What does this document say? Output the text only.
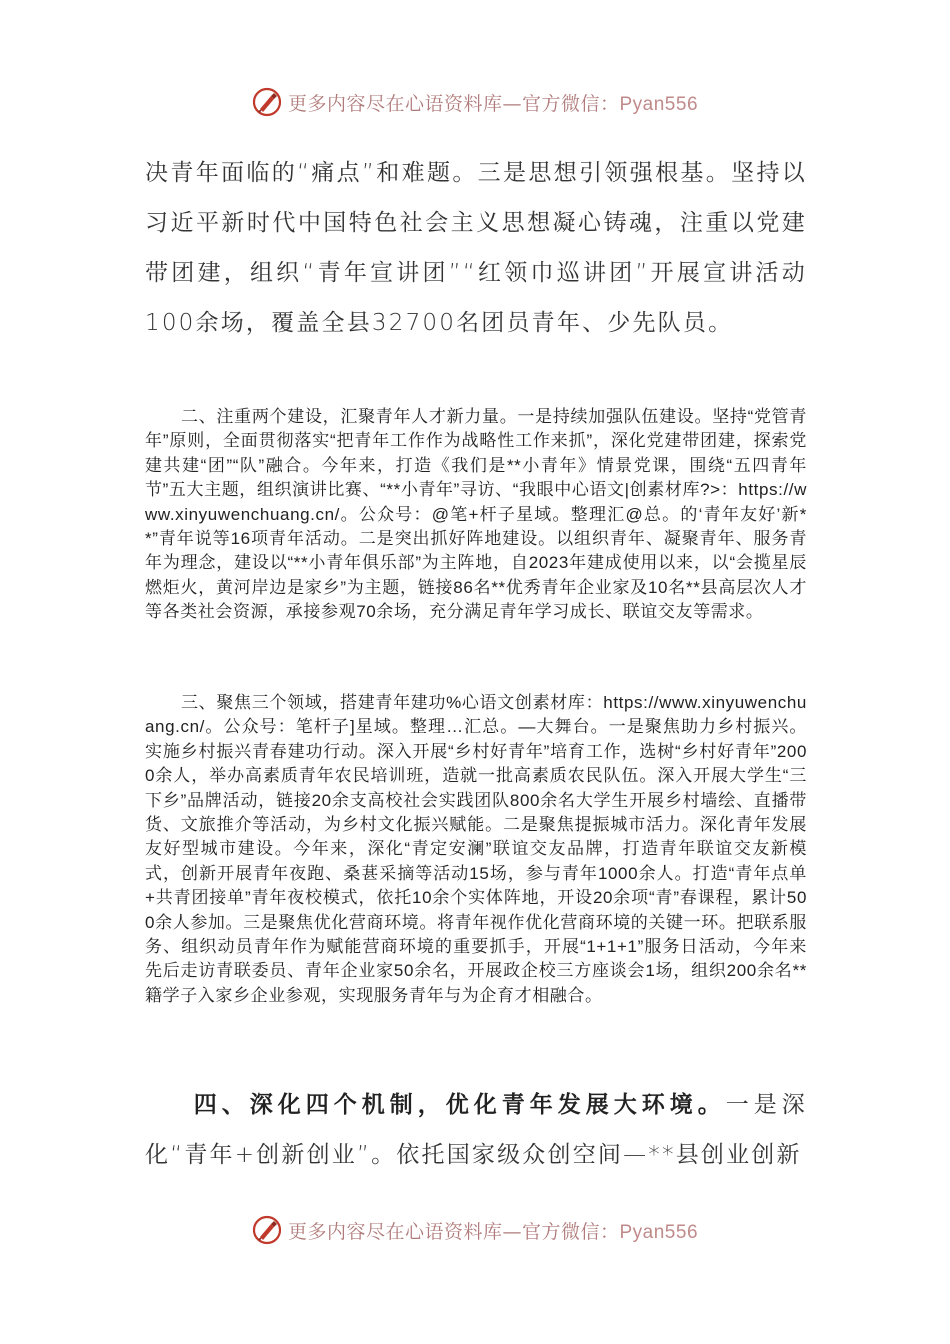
更多内容尽在心语资料库—官方微信：Pyan556

决青年面临的“痛点”和难题。三是思想引领强根基。坚持以习近平新时代中国特色社会主义思想凝心铸魂，注重以党建带团建，组织“青年宣讲团”“红领巾巡讲团”开展宣讲活动100余场，覆盖全县32700名团员青年、少先队员。

二、注重两个建设，汇聚青年人才新力量。一是持续加强队伍建设。坚持“党管青年”原则，全面贯彻落实“把青年工作作为战略性工作来抓”，深化党建带团建，探索党建共建“团”“队”融合。今年来，打造《我们是**小青年》情景党课，围绕“五四青年节”五大主题，组织演讲比赛、“**小青年”寻访、“我眼中心语文|创素材库?>：https://www.xinyuwenchuang.cn/。公众号：@笔+杆子星域。整理汇@总。的‘青年友好’新**”青年说等16项青年活动。二是突出抓好阵地建设。以组织青年、凝聚青年、服务青年为理念，建设以“**小青年俱乐部”为主阵地，自2023年建成使用以来，以“会揽星辰燃炬火，黄河岸边是家乡”为主题，链接86名**优秀青年企业家及10名**县高层次人才等各类社会资源，承接参观70余场，充分满足青年学习成长、联谊交友等需求。

三、聚焦三个领域，搭建青年建功%心语文创素材库：https://www.xinyuwenchuang.cn/。公众号：笔杆子]星域。整理…汇总。—大舞台。一是聚焦助力乡村振兴。实施乡村振兴青春建功行动。深入开展“乡村好青年”培育工作，选树“乡村好青年”2000余人，举办高素质青年农民培训班，造就一批高素质农民队伍。深入开展大学生“三下乡”品牌活动，链接20余支高校社会实践团队800余名大学生开展乡村墙绘、直播带货、文旅推介等活动，为乡村文化振兴赋能。二是聚焦提振城市活力。深化青年发展友好型城市建设。今年来，深化“青定安澜”联谊交友品牌，打造青年联谊交友新模式，创新开展青年夜跑、桑葚采摘等活动15场，参与青年1000余人。打造“青年点单+共青团接单”青年夜校模式，依托10余个实体阵地，开设20余项“青”春课程，累计500余人参加。三是聚焦优化营商环境。将青年视作优化营商环境的关键一环。把联系服务、组织动员青年作为赋能营商环境的重要抓手，开展“1+1+1”服务日活动，今年来先后走访青联委员、青年企业家50余名，开展政企校三方座谈会1场，组织200余名**籍学子入家乡企业参观，实现服务青年与为企育才相融合。

四、深化四个机制，优化青年发展大环境。一是深化“青年+创新创业”。依托国家级众创空间—**县创业创新

更多内容尽在心语资料库—官方微信：Pyan556
